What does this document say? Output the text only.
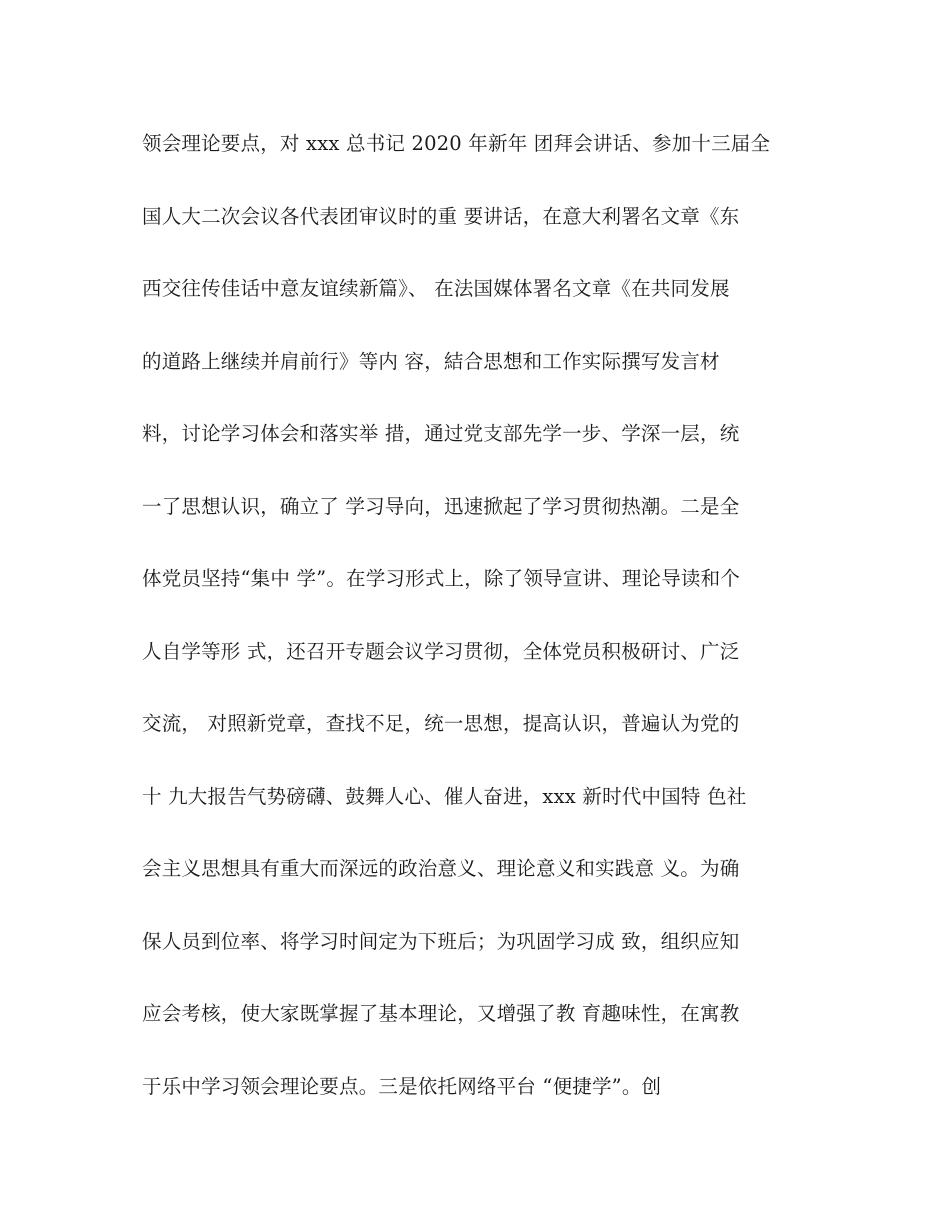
领会理论要点，对 xxx 总书记 2020 年新年 团拜会讲话、参加十三届全
国人大二次会议各代表团审议时的重 要讲话，在意大利署名文章《东
西交往传佳话中意友谊续新篇》、 在法国媒体署名文章《在共同发展
的道路上继续并肩前行》等内 容，結合思想和工作实际撰写发言材
料，讨论学习体会和落实举 措，通过党支部先学一步、学深一层，统
一了思想认识，确立了 学习导向，迅速掀起了学习贯彻热潮。二是全
体党员坚持“集中 学”。在学习形式上，除了领导宣讲、理论导读和个
人自学等形 式，还召开专题会议学习贯彻，全体党员积极研讨、广泛
交流， 对照新党章，查找不足，统一思想，提高认识，普遍认为党的
十 九大报告气势磅礴、鼓舞人心、催人奋进，xxx 新时代中国特 色社
会主义思想具有重大而深远的政治意义、理论意义和实践意 义。为确
保人员到位率、将学习时间定为下班后；为巩固学习成 致，组织应知
应会考核，使大家既掌握了基本理论，又增强了教 育趣味性，在寓教
于乐中学习领会理论要点。三是依托网络平台 “便捷学”。创
